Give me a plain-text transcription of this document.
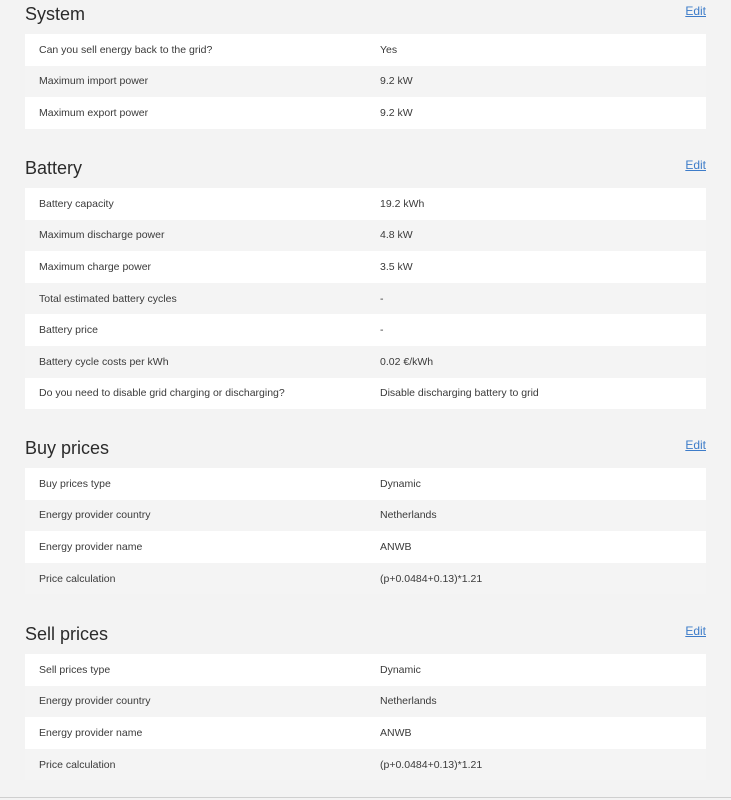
System	Edit
Can you sell energy back to the grid?	Yes
Maximum import power	9.2 kW
Maximum export power	9.2 kW
Battery	Edit
Battery capacity	19.2 kWh
Maximum discharge power	4.8 kW
Maximum charge power	3.5 kW
Total estimated battery cycles	-
Battery price	-
Battery cycle costs per kWh	0.02 €/kWh
Do you need to disable grid charging or discharging?	Disable discharging battery to grid
Buy prices	Edit
Buy prices type	Dynamic
Energy provider country	Netherlands
Energy provider name	ANWB
Price calculation	(p+0.0484+0.13)*1.21
Sell prices	Edit
Sell prices type	Dynamic
Energy provider country	Netherlands
Energy provider name	ANWB
Price calculation	(p+0.0484+0.13)*1.21
